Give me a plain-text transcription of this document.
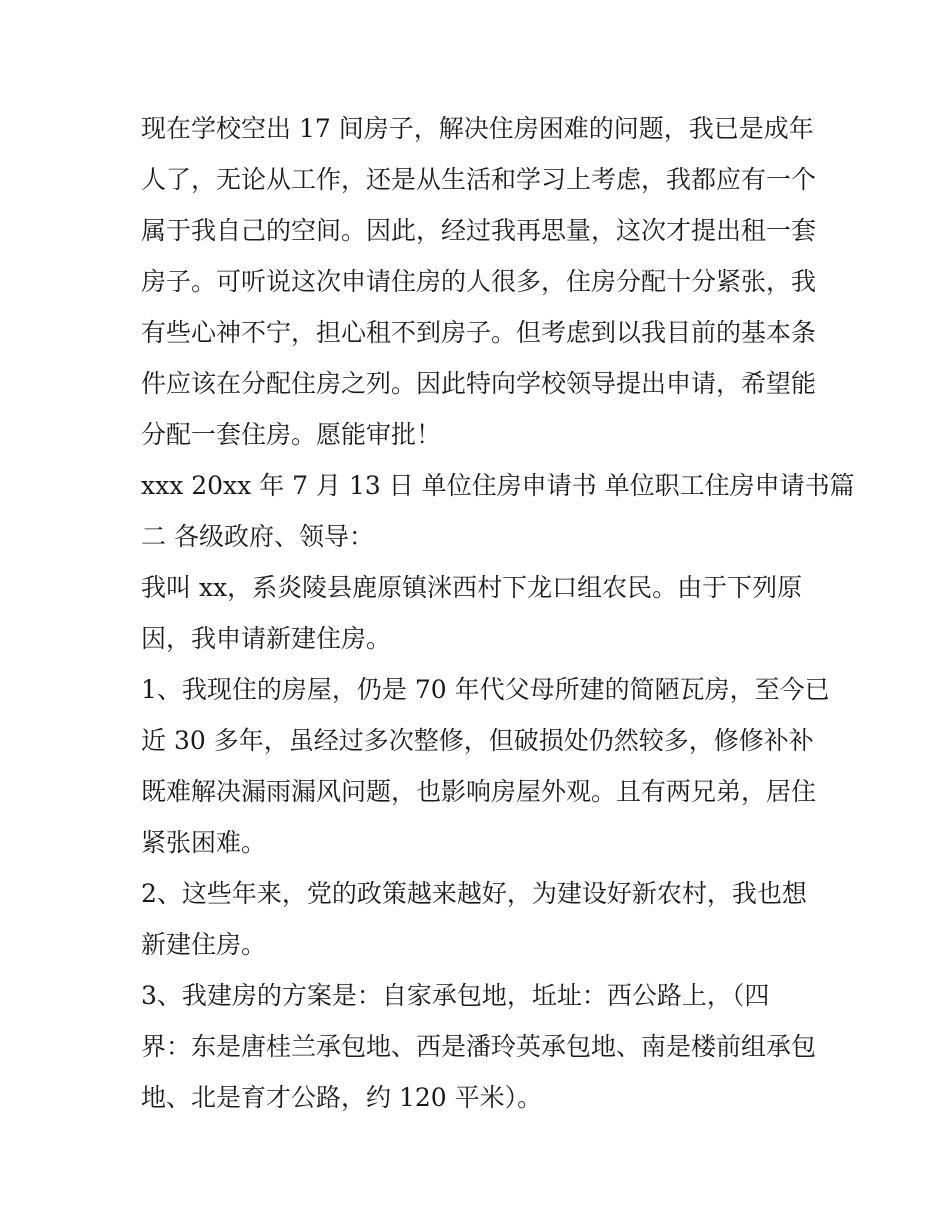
现在学校空出 17 间房子，解决住房困难的问题，我已是成年
人了，无论从工作，还是从生活和学习上考虑，我都应有一个
属于我自己的空间。因此，经过我再思量，这次才提出租一套
房子。可听说这次申请住房的人很多，住房分配十分紧张，我
有些心神不宁，担心租不到房子。但考虑到以我目前的基本条
件应该在分配住房之列。因此特向学校领导提出申请，希望能
分配一套住房。愿能审批！
xxx 20xx 年 7 月 13 日 单位住房申请书 单位职工住房申请书篇
二 各级政府、领导：
我叫 xx，系炎陵县鹿原镇洣西村下龙口组农民。由于下列原
因，我申请新建住房。
1、我现住的房屋，仍是 70 年代父母所建的简陋瓦房，至今已
近 30 多年，虽经过多次整修，但破损处仍然较多，修修补补
既难解决漏雨漏风问题，也影响房屋外观。且有两兄弟，居住
紧张困难。
2、这些年来，党的政策越来越好，为建设好新农村，我也想
新建住房。
3、我建房的方案是：自家承包地，坵址：西公路上，（四
界：东是唐桂兰承包地、西是潘玲英承包地、南是楼前组承包
地、北是育才公路，约 120 平米）。
